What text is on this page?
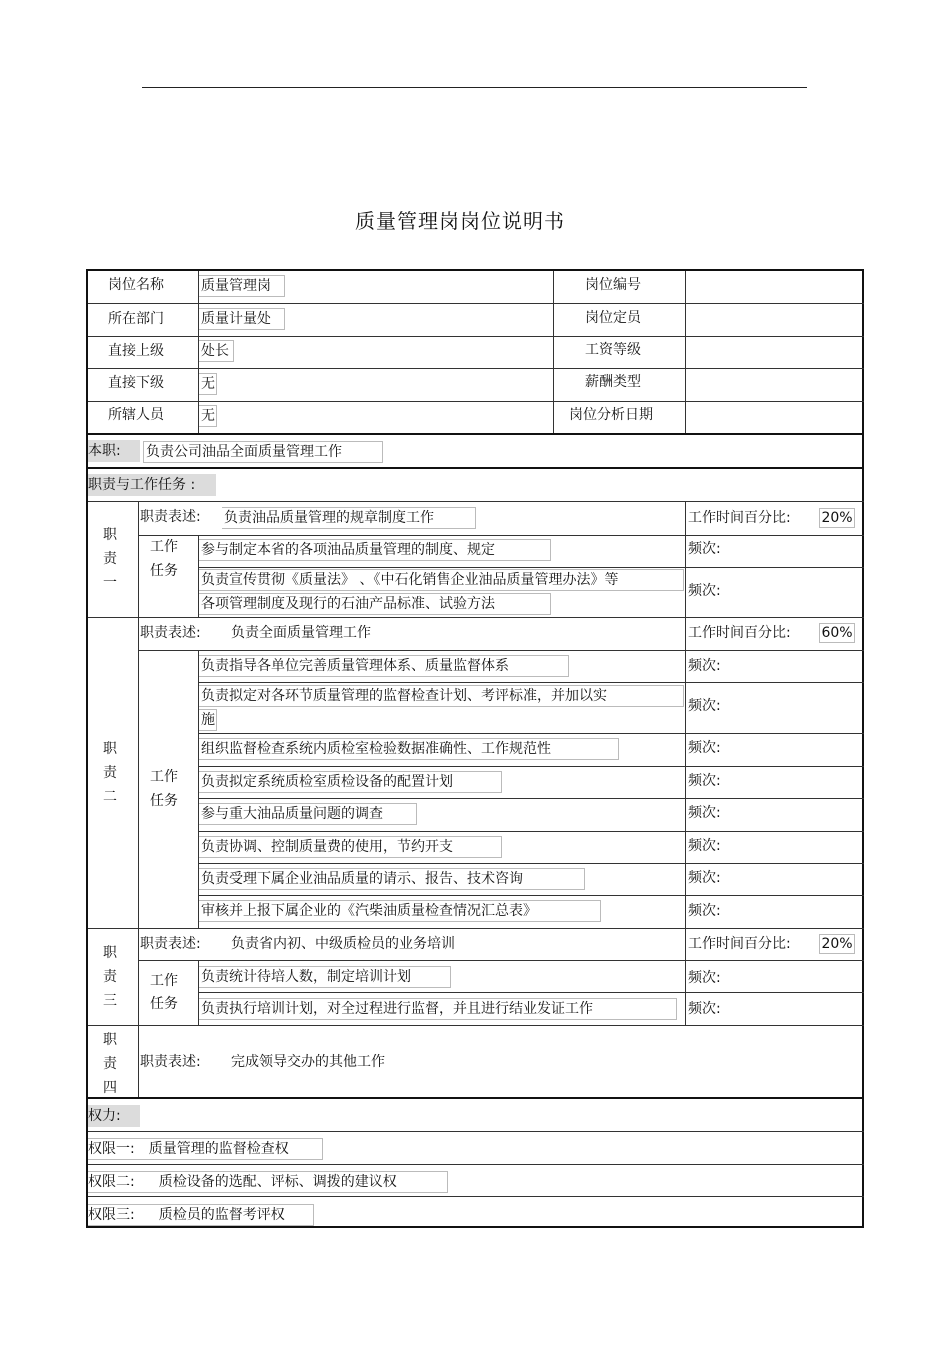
质量管理岗岗位说明书
岗位名称	质量管理岗	岗位编号
所在部门	质量计量处	岗位定员
直接上级	处长	工资等级
直接下级	无	薪酬类型
所辖人员	无	岗位分析日期
本职: 负责公司油品全面质量管理工作
职责与工作任务 :
职
责
一
职责表述: 负责油品质量管理的规章制度工作	工作时间百分比: 20%
工作
任务
参与制定本省的各项油品质量管理的制度、规定	频次:
负责宣传贯彻《质量法》 、《中石化销售企业油品质量管理办法》等
各项管理制度及现行的石油产品标准、试验方法
频次:
职
责
二
职责表述: 负责全面质量管理工作	工作时间百分比: 60%
工作
任务
负责指导各单位完善质量管理体系、质量监督体系	频次:
负责拟定对各环节质量管理的监督检查计划、考评标准，并加以实
施
频次:
组织监督检查系统内质检室检验数据准确性、工作规范性	频次:
负责拟定系统质检室质检设备的配置计划	频次:
参与重大油品质量问题的调查	频次:
负责协调、控制质量费的使用，节约开支	频次:
负责受理下属企业油品质量的请示、报告、技术咨询	频次:
审核并上报下属企业的《汽柴油质量检查情况汇总表》	频次:
职
责
三
职责表述: 负责省内初、中级质检员的业务培训	工作时间百分比: 20%
工作
任务
负责统计待培人数，制定培训计划	频次:
负责执行培训计划，对全过程进行监督，并且进行结业发证工作	频次:
职
责
四
职责表述: 完成领导交办的其他工作
权力:
权限一: 质量管理的监督检查权
权限二: 质检设备的选配、评标、调拨的建议权
权限三: 质检员的监督考评权
